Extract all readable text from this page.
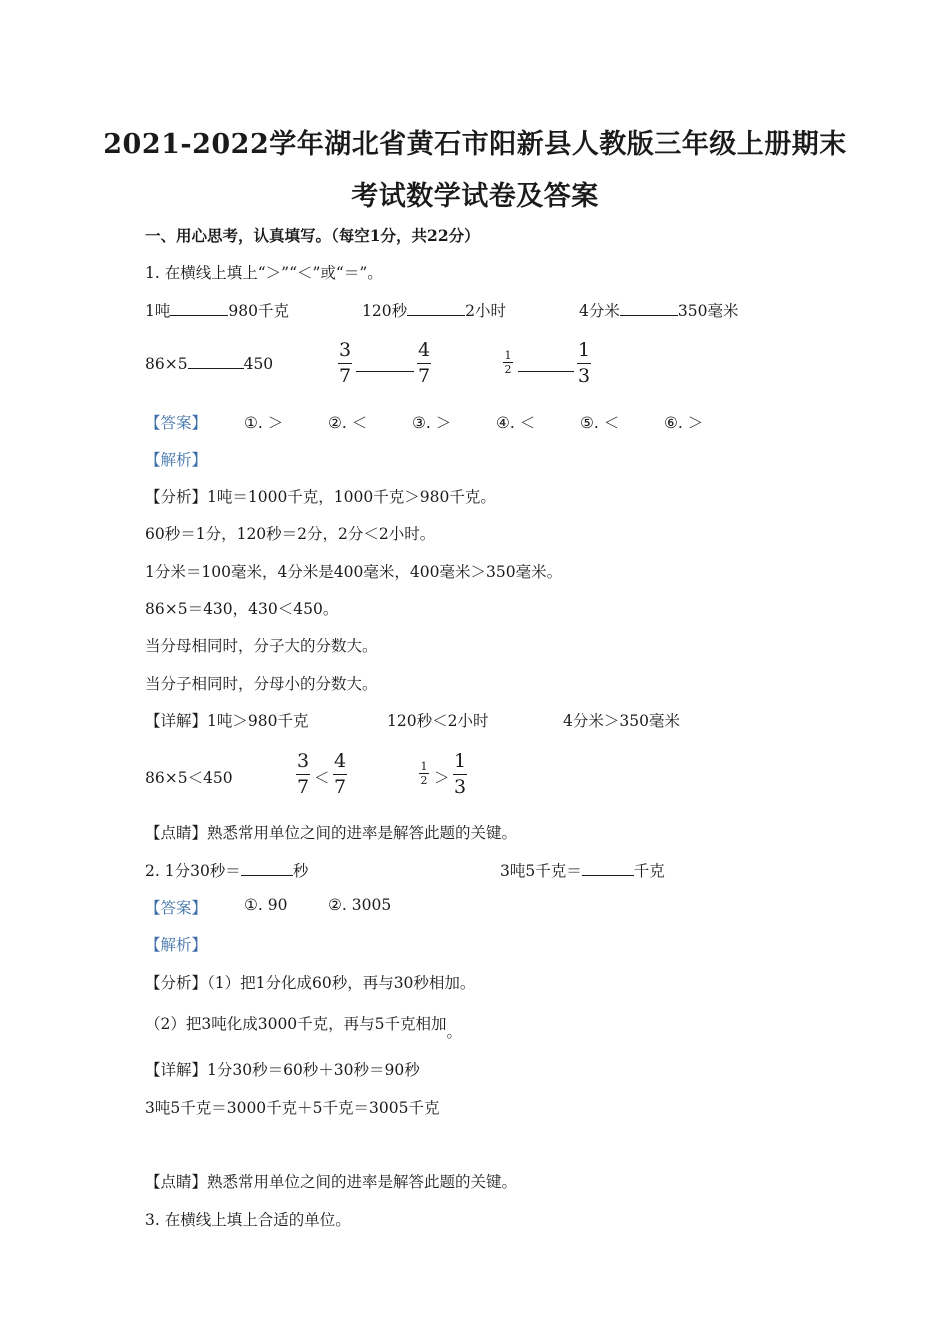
2021-2022学年湖北省黄石市阳新县人教版三年级上册期末
考试数学试卷及答案
一、用心思考，认真填写。（每空1分，共22分）
1. 在横线上填上“＞”“＜”或“＝”。
1吨	980千克	120秒	2小时	4分米	350毫米
86×5	450
3
7
4
7
1
2
1
3
【答案】 ①. ＞	②. ＜	③. ＞	④. ＜	⑤. ＜	⑥. ＞
【解析】
【分析】1吨＝1000千克，1000千克＞980千克。
60秒＝1分，120秒＝2分，2分＜2小时。
1分米＝100毫米，4分米是400毫米，400毫米＞350毫米。
86×5＝430，430＜450。
当分母相同时，分子大的分数大。
当分子相同时，分母小的分数大。
【详解】1吨＞980千克	120秒＜2小时	4分米＞350毫米
86×5＜450
3
7 ＜
4
7
1
2 ＞
1
3
【点睛】熟悉常用单位之间的进率是解答此题的关键。
2. 1分30秒＝	秒	3吨5千克＝	千克
【答案】 ①. 90	②. 3005
【解析】
【分析】（1）把1分化成60秒，再与30秒相加。
（2）把3吨化成3000千克，再与5千克相加。
【详解】1分30秒＝60秒＋30秒＝90秒
3吨5千克＝3000千克＋5千克＝3005千克
【点睛】熟悉常用单位之间的进率是解答此题的关键。
3. 在横线上填上合适的单位。
